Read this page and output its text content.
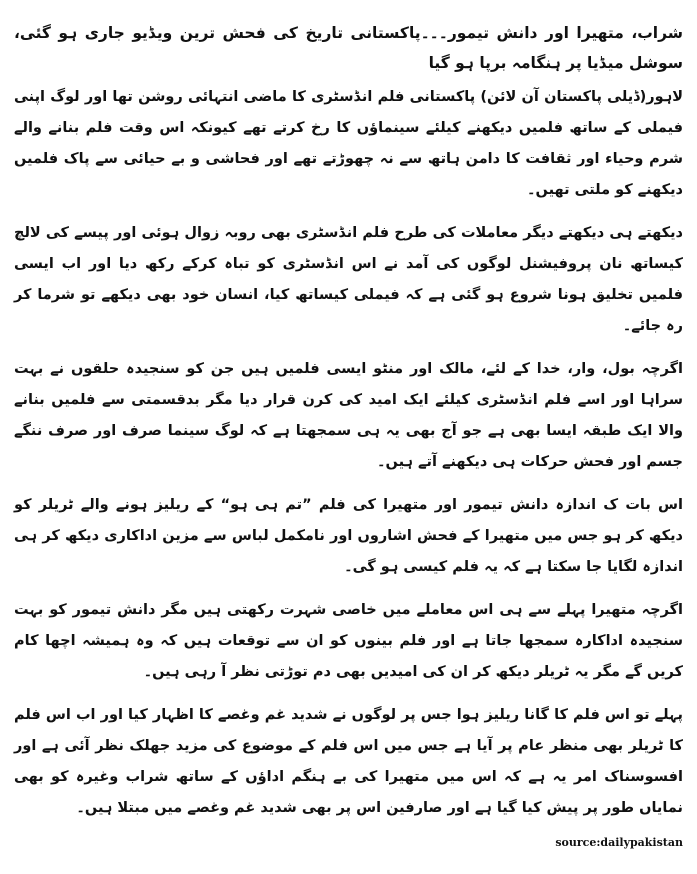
شراب، متھیرا اور دانش تیمور۔۔۔پاکستانی تاریخ کی فحش ترین ویڈیو جاری ہو گئی، سوشل میڈیا پر ہنگامہ برپا ہو گیا

لاہور(ڈیلی پاکستان آن لائن) پاکستانی فلم انڈسٹری کا ماضی انتہائی روشن تھا اور لوگ اپنی فیملی کے ساتھ فلمیں دیکھنے کیلئے سینماؤں کا رخ کرتے تھے کیونکہ اس وقت فلم بنانے والے شرم وحیاء اور ثقافت کا دامن ہاتھ سے نہ چھوڑتے تھے اور فحاشی و بے حیائی سے پاک فلمیں دیکھنے کو ملتی تھیں۔

دیکھتے ہی دیکھتے دیگر معاملات کی طرح فلم انڈسٹری بھی روبہ زوال ہوئی اور پیسے کی لالچ کیساتھ نان پروفیشنل لوگوں کی آمد نے اس انڈسٹری کو تباہ کرکے رکھ دیا اور اب ایسی فلمیں تخلیق ہونا شروع ہو گئی ہے کہ فیملی کیساتھ کیا، انسان خود بھی دیکھے تو شرما کر رہ جائے۔

اگرچہ بول، وار، خدا کے لئے، مالک اور منٹو ایسی فلمیں ہیں جن کو سنجیدہ حلقوں نے بہت سراہا اور اسے فلم انڈسٹری کیلئے ایک امید کی کرن قرار دیا مگر بدقسمتی سے فلمیں بنانے والا ایک طبقہ ایسا بھی ہے جو آج بھی یہ ہی سمجھتا ہے کہ لوگ سینما صرف اور صرف ننگے جسم اور فحش حرکات ہی دیکھنے آتے ہیں۔

اس بات ک اندازہ دانش تیمور اور متھیرا کی فلم ”تم ہی ہو“ کے ریلیز ہونے والے ٹریلر کو دیکھ کر ہو جس میں متھیرا کے فحش اشاروں اور نامکمل لباس سے مزین اداکاری دیکھ کر ہی اندازہ لگایا جا سکتا ہے کہ یہ فلم کیسی ہو گی۔

اگرچہ متھیرا پہلے سے ہی اس معاملے میں خاصی شہرت رکھتی ہیں مگر دانش تیمور کو بہت سنجیدہ اداکارہ سمجھا جاتا ہے اور فلم بینوں کو ان سے توقعات ہیں کہ وہ ہمیشہ اچھا کام کریں گے مگر یہ ٹریلر دیکھ کر ان کی امیدیں بھی دم توڑتی نظر آ رہی ہیں۔

پہلے تو اس فلم کا گانا ریلیز ہوا جس پر لوگوں نے شدید غم وغصے کا اظہار کیا اور اب اس فلم کا ٹریلر بھی منظر عام پر آیا ہے جس میں اس فلم کے موضوع کی مزید جھلک نظر آئی ہے اور افسوسناک امر یہ ہے کہ اس میں متھیرا کی بے ہنگم اداؤں کے ساتھ شراب وغیرہ کو بھی نمایاں طور پر پیش کیا گیا ہے اور صارفین اس پر بھی شدید غم وغصے میں مبتلا ہیں۔

source:dailypakistan
